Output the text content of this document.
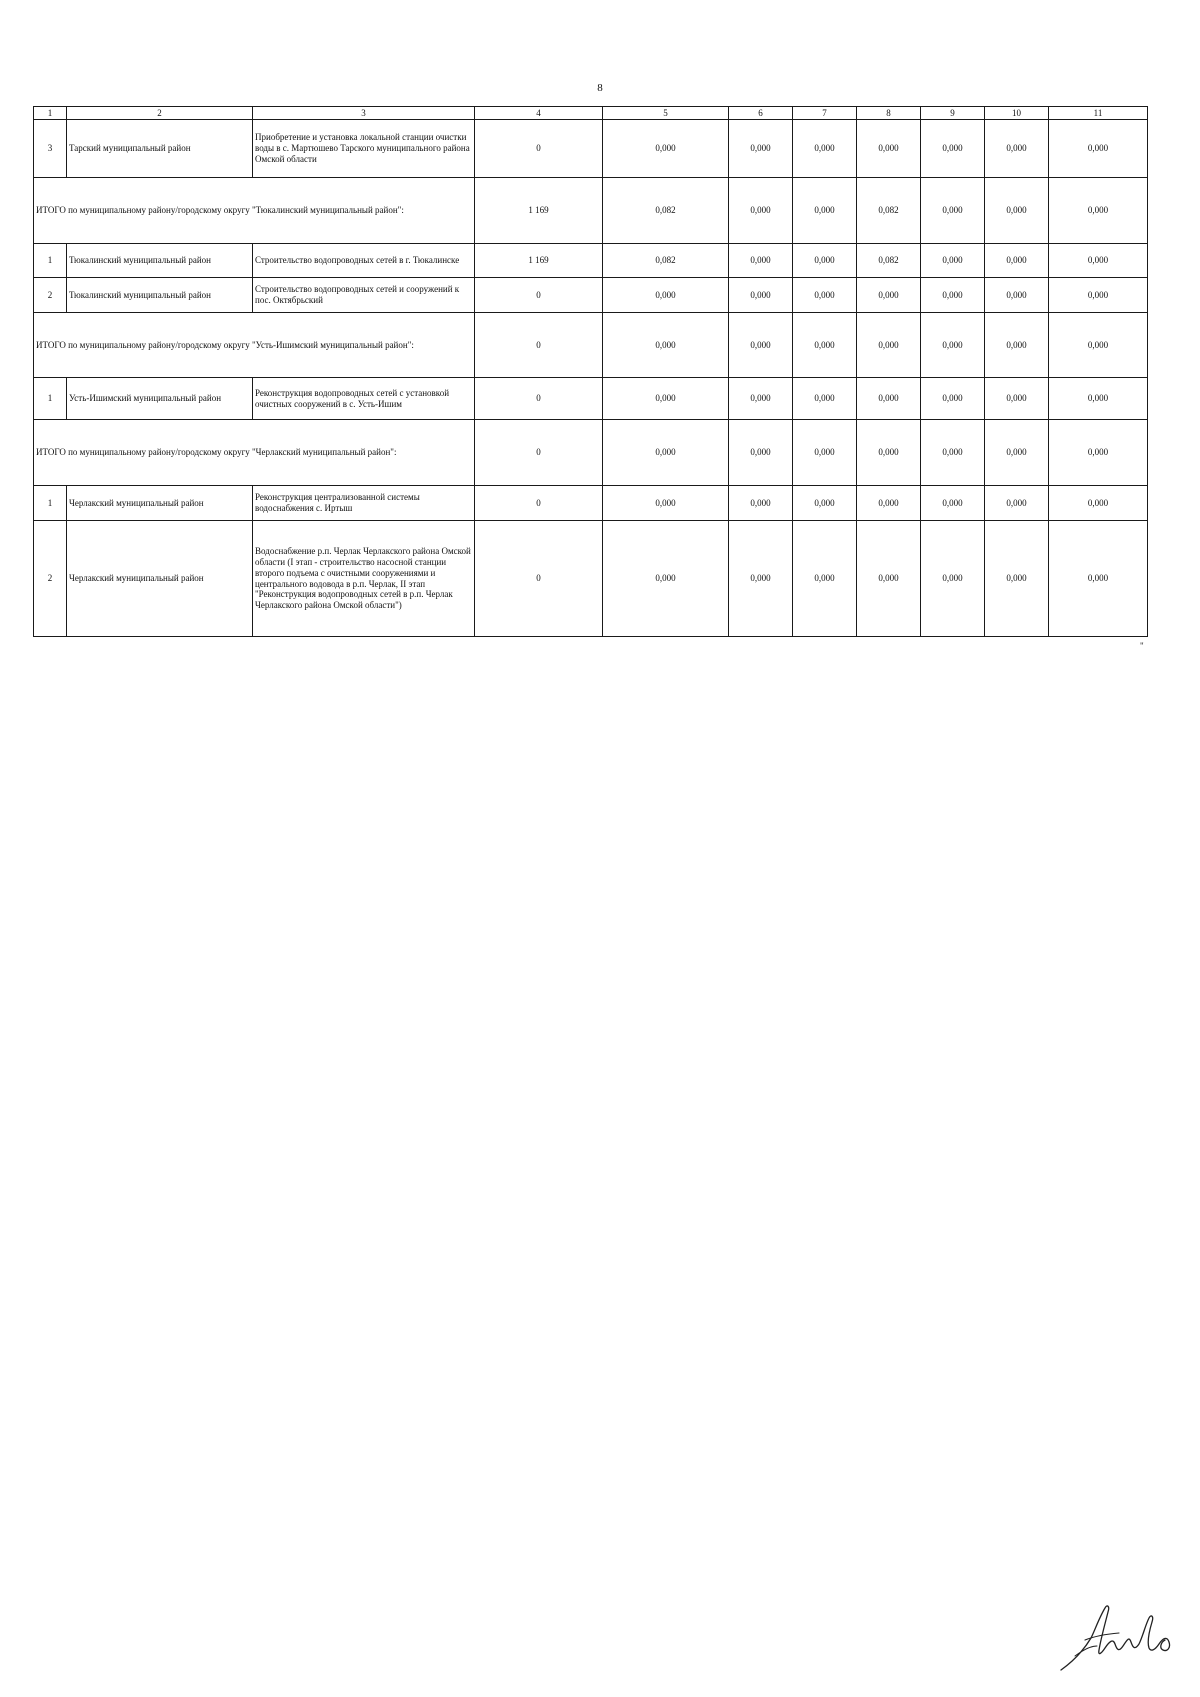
8
1	2	3	4	5	6	7	8	9	10	11
3	Тарский муниципальный район	Приобретение и установка локальной станции очистки воды в с. Мартюшево Тарского муниципального района Омской области	0	0,000	0,000	0,000	0,000	0,000	0,000	0,000
ИТОГО по муниципальному району/городскому округу "Тюкалинский муниципальный район":			1 169	0,082	0,000	0,000	0,082	0,000	0,000	0,000
1	Тюкалинский муниципальный район	Строительство водопроводных сетей в г. Тюкалинске	1 169	0,082	0,000	0,000	0,082	0,000	0,000	0,000
2	Тюкалинский муниципальный район	Строительство водопроводных сетей и сооружений к пос. Октябрьский	0	0,000	0,000	0,000	0,000	0,000	0,000	0,000
ИТОГО по муниципальному району/городскому округу "Усть-Ишимский муниципальный район":			0	0,000	0,000	0,000	0,000	0,000	0,000	0,000
1	Усть-Ишимский муниципальный район	Реконструкция водопроводных сетей с установкой очистных сооружений в с. Усть-Ишим	0	0,000	0,000	0,000	0,000	0,000	0,000	0,000
ИТОГО по муниципальному району/городскому округу "Черлакский муниципальный район":			0	0,000	0,000	0,000	0,000	0,000	0,000	0,000
1	Черлакский муниципальный район	Реконструкция централизованной системы водоснабжения с. Иртыш	0	0,000	0,000	0,000	0,000	0,000	0,000	0,000
2	Черлакский муниципальный район	Водоснабжение р.п. Черлак Черлакского района Омской области (I этап - строительство насосной станции второго подъема с очистными сооружениями и центрального водовода в р.п. Черлак, II этап "Реконструкция водопроводных сетей в р.п. Черлак Черлакского района Омской области")	0	0,000	0,000	0,000	0,000	0,000	0,000	0,000
"
